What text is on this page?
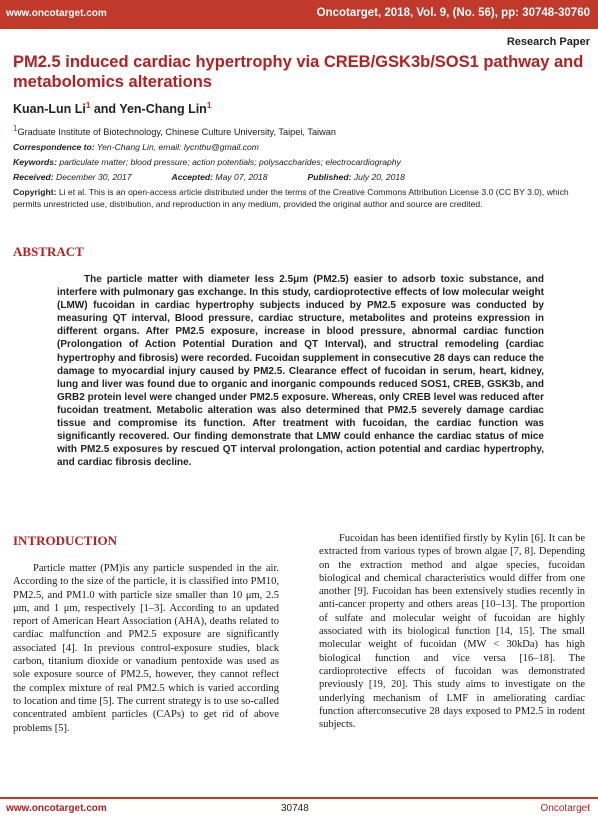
www.oncotarget.com	Oncotarget, 2018, Vol. 9, (No. 56), pp: 30748-30760
Research Paper
PM2.5 induced cardiac hypertrophy via CREB/GSK3b/SOS1 pathway and metabolomics alterations
Kuan-Lun Li$^1$ and Yen-Chang Lin$^1$
$^1$Graduate Institute of Biotechnology, Chinese Culture University, Taipei, Taiwan
Correspondence to: Yen-Chang Lin, email: lycnthu@gmail.com
Keywords: particulate matter; blood pressure; action potentials; polysaccharides; electrocardiography
Received: December 30, 2017	Accepted: May 07, 2018	Published: July 20, 2018
Copyright: Li et al. This is an open-access article distributed under the terms of the Creative Commons Attribution License 3.0 (CC BY 3.0), which permits unrestricted use, distribution, and reproduction in any medium, provided the original author and source are credited.
ABSTRACT

The particle matter with diameter less 2.5μm (PM2.5) easier to adsorb toxic substance, and interfere with pulmonary gas exchange. In this study, cardioprotective effects of low molecular weight (LMW) fucoidan in cardiac hypertrophy subjects induced by PM2.5 exposure was conducted by measuring QT interval, Blood pressure, cardiac structure, metabolites and proteins expression in different organs. After PM2.5 exposure, increase in blood pressure, abnormal cardiac function (Prolongation of Action Potential Duration and QT Interval), and structral remodeling (cardiac hypertrophy and fibrosis) were recorded. Fucoidan supplement in consecutive 28 days can reduce the damage to myocardial injury caused by PM2.5. Clearance effect of fucoidan in serum, heart, kidney, lung and liver was found due to organic and inorganic compounds reduced SOS1, CREB, GSK3b, and GRB2 protein level were changed under PM2.5 exposure. Whereas, only CREB level was reduced after fucoidan treatment. Metabolic alteration was also determined that PM2.5 severely damage cardiac tissue and compromise its function. After treatment with fucoidan, the cardiac function was significantly recovered. Our finding demonstrate that LMW could enhance the cardiac status of mice with PM2.5 exposures by rescued QT interval prolongation, action potential and cardiac hypertrophy, and cardiac fibrosis decline.

INTRODUCTION

Particle matter (PM)is any particle suspended in the air. According to the size of the particle, it is classified into PM10, PM2.5, and PM1.0 with particle size smaller than 10 μm, 2.5 μm, and 1 μm, respectively [1–3]. According to an updated report of American Heart Association (AHA), deaths related to cardiac malfunction and PM2.5 exposure are significantly associated [4]. In previous control-exposure studies, black carbon, titanium dioxide or vanadium pentoxide was used as sole exposure source of PM2.5, however, they cannot reflect the complex mixture of real PM2.5 which is varied according to location and time [5]. The current strategy is to use so-called concentrated ambient particles (CAPs) to get rid of above problems [5].

Fucoidan has been identified firstly by Kylin [6]. It can be extracted from various types of brown algae [7, 8]. Depending on the extraction method and algae species, fucoidan biological and chemical characteristics would differ from one another [9]. Fucoidan has been extensively studies recently in anti-cancer property and others areas [10–13]. The proportion of sulfate and molecular weight of fucoidan are highly associated with its biological function [14, 15]. The small molecular weight of fucoidan (MW < 30kDa) has high biological function and vice versa [16–18]. The cardioprotective effects of fucoidan was demonstrated previously [19, 20]. This study aims to investigate on the underlying mechanism of LMF in ameliorating cardiac function afterconsecutive 28 days exposed to PM2.5 in rodent subjects.

www.oncotarget.com	30748	Oncotarget
